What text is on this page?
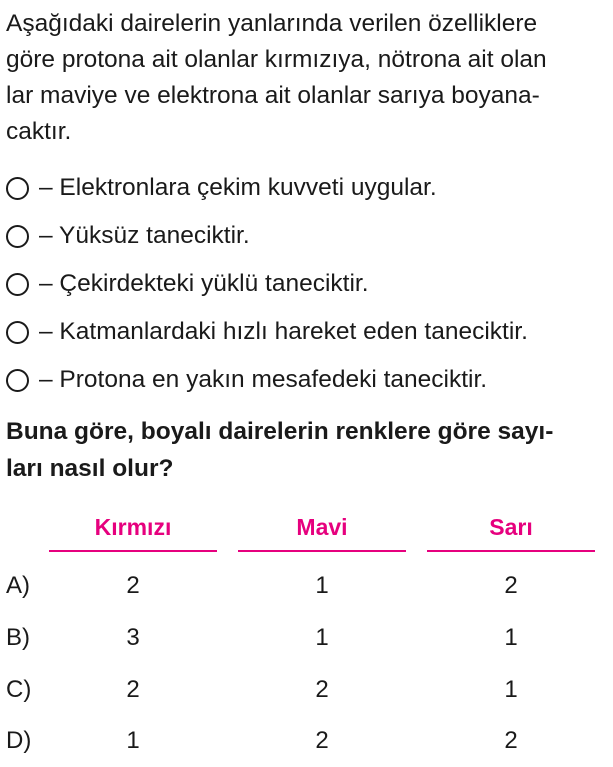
Aşağıdaki dairelerin yanlarında verilen özelliklere
göre protona ait olanlar kırmızıya, nötrona ait olan
lar maviye ve elektrona ait olanlar sarıya boyana-
caktır.
– Elektronlara çekim kuvveti uygular.
– Yüksüz taneciktir.
– Çekirdekteki yüklü taneciktir.
– Katmanlardaki hızlı hareket eden taneciktir.
– Protona en yakın mesafedeki taneciktir.
Buna göre, boyalı dairelerin renklere göre sayı-
ları nasıl olur?
Kırmızı	Mavi	Sarı
A)	2	1	2
B)	3	1	1
C)	2	2	1
D)	1	2	2
